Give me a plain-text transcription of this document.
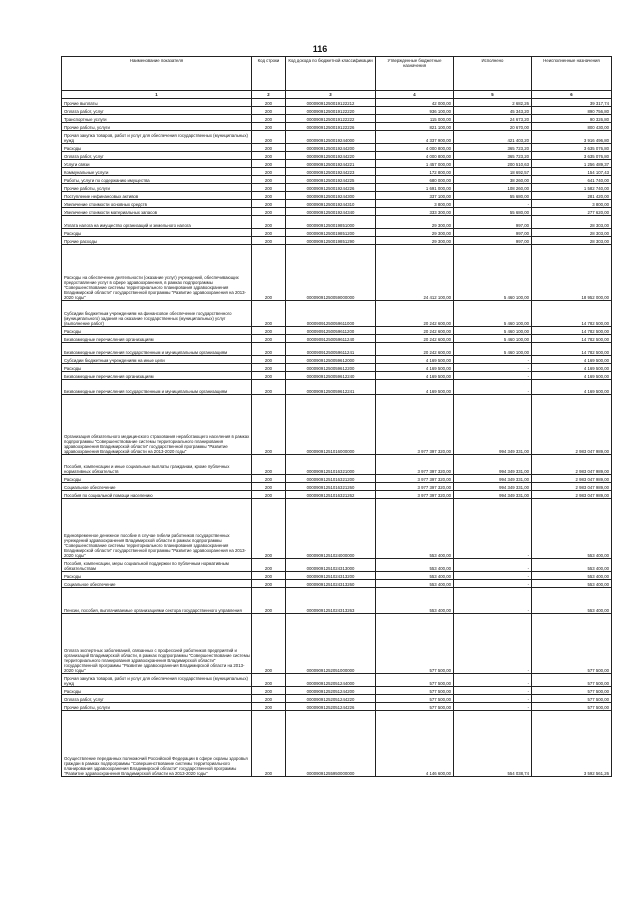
116
Наименование показателя	Код строки	Код дохода по бюджетной классификации	Утвержденные бюджетные назначения	Исполнено	Неисполненные назначения
1	2	3	4	5	6
Прочие выплаты	200	00009091250019122212	42 000,00	2 682,26	39 317,74
Оплата работ, услуг	200	00009091250019122220	936 100,00	45 343,20	890 756,80
Транспортные услуги	200	00009091250019122222	115 000,00	24 673,20	90 326,80
Прочие работы, услуги	200	00009091250019122226	821 100,00	20 670,00	800 430,00
Прочая закупка товаров, работ и услуг для обеспечения государственных (муниципальных) нужд	200	00009091250019244000	4 337 900,00	421 403,20	3 916 496,80
Расходы	200	00009091250019244200	4 000 800,00	365 723,20	3 635 076,80
Оплата работ, услуг	200	00009091250019244220	4 000 800,00	365 723,20	3 635 076,80
Услуги связи	200	00009091250019244221	1 457 000,00	200 510,63	1 256 489,37
Коммунальные услуги	200	00009091250019244223	172 800,00	18 692,57	154 107,43
Работы, услуги по содержанию имущества	200	00009091250019244225	680 000,00	38 260,00	641 740,00
Прочие работы, услуги	200	00009091250019244226	1 691 000,00	108 260,00	1 582 740,00
Поступление нефинансовых активов	200	00009091250019244300	337 100,00	55 680,00	281 420,00
Увеличение стоимости основных средств	200	00009091250019244310	3 800,00	-	3 800,00
Увеличение стоимости материальных запасов	200	00009091250019244340	333 300,00	55 680,00	277 620,00
Уплата налога на имущество организаций и земельного налога	200	00009091250019851000	29 300,00	997,00	28 303,00
Расходы	200	00009091250019851200	29 300,00	997,00	28 303,00
Прочие расходы	200	00009091250019851290	29 300,00	997,00	28 303,00
Расходы на обеспечение деятельности (оказание услуг) учреждений, обеспечивающих предоставление услуг в сфере здравоохранения, в рамках подпрограммы "Совершенствование системы территориального планирования здравоохранения Владимирской области" государственной программы "Развитие здравоохранения на 2013-2020 годы"	200	00009091250059000000	24 412 100,00	5 460 100,00	18 952 000,00
Субсидии бюджетным учреждениям на финансовое обеспечение государственного (муниципального) задания на оказание государственных (муниципальных) услуг (выполнение работ)	200	00009091250059611000	20 242 600,00	5 460 100,00	14 782 500,00
Расходы	200	00009091250059611200	20 242 600,00	5 460 100,00	14 782 500,00
Безвозмездные перечисления организациям	200	00009091250059611240	20 242 600,00	5 460 100,00	14 782 500,00
Безвозмездные перечисления государственным и муниципальным организациям	200	00009091250059611241	20 242 600,00	5 460 100,00	14 782 500,00
Субсидии бюджетным учреждениям на иные цели	200	00009091250059612000	4 169 500,00	-	4 169 500,00
Расходы	200	00009091250059612200	4 169 500,00	-	4 169 500,00
Безвозмездные перечисления организациям	200	00009091250059612240	4 169 500,00	-	4 169 500,00
Безвозмездные перечисления государственным и муниципальным организациям	200	00009091250059612241	4 169 500,00	-	4 169 500,00
Организация обязательного медицинского страхования неработающего населения в рамках подпрограммы "Совершенствование системы территориального планирования здравоохранения Владимирской области" государственной программы "Развитие здравоохранения Владимирской области на 2013-2020 годы"	200	00009091251016000000	3 977 397 320,00	994 349 331,00	2 983 047 989,00
Пособия, компенсации и иные социальные выплаты гражданам, кроме публичных нормативных обязательств	200	00009091251016321000	3 977 397 320,00	994 349 331,00	2 983 047 989,00
Расходы	200	00009091251016321200	3 977 397 320,00	994 349 331,00	2 983 047 989,00
Социальное обеспечение	200	00009091251016321260	3 977 397 320,00	994 349 331,00	2 983 047 989,00
Пособия по социальной помощи населению	200	00009091251016321262	3 977 397 320,00	994 349 331,00	2 983 047 989,00
Единовременное денежное пособие в случае гибели работников государственных учреждений здравоохранения Владимирской области в рамках подпрограммы "Совершенствование системы территориального планирования здравоохранения Владимирской области" государственной программы "Развитие здравоохранения на 2013-2020 годы"	200	00009091251024000000	553 400,00	-	553 400,00
Пособия, компенсации, меры социальной поддержки по публичным нормативным обязательствам	200	00009091251024313000	553 400,00	-	553 400,00
Расходы	200	00009091251024313200	553 400,00	-	553 400,00
Социальное обеспечение	200	00009091251024313260	553 400,00	-	553 400,00
Пенсии, пособия, выплачиваемые организациями сектора государственного управления	200	00009091251024313263	553 400,00	-	553 400,00
Оплата экспертных заболеваний, связанных с профессией работников предприятий и организаций Владимирской области, в рамках подпрограммы "Совершенствование системы территориального планирования здравоохранения Владимирской области" государственной программы "Развитие здравоохранения Владимирской области на 2013-2020 годы"	200	00009091252051000000	577 500,00	-	577 500,00
Прочая закупка товаров, работ и услуг для обеспечения государственных (муниципальных) нужд	200	00009091252051244000	577 500,00	-	577 500,00
Расходы	200	00009091252051244200	577 500,00	-	577 500,00
Оплата работ, услуг	200	00009091252051244220	577 500,00	-	577 500,00
Прочие работы, услуги	200	00009091252051244226	577 500,00	-	577 500,00
Осуществление переданных полномочий Российской Федерации в сфере охраны здоровья граждан в рамках подпрограммы "Совершенствование системы территориального планирования здравоохранения Владимирской области" государственной программы "Развитие здравоохранения Владимирской области на 2013-2020 годы"	200	00009091255950000000	4 146 600,00	554 038,74	3 592 561,26
